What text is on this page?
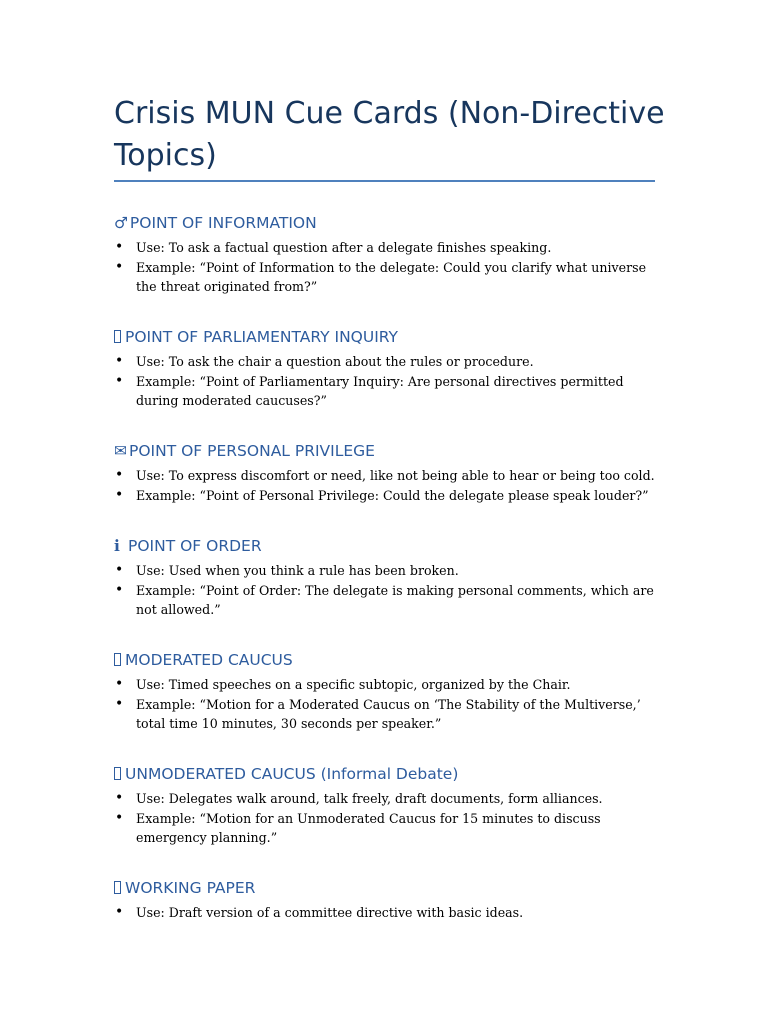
Crisis MUN Cue Cards (Non-Directive Topics)
♂ POINT OF INFORMATION
• Use: To ask a factual question after a delegate finishes speaking.
• Example: “Point of Information to the delegate: Could you clarify what universe the threat originated from?”
POINT OF PARLIAMENTARY INQUIRY
• Use: To ask the chair a question about the rules or procedure.
• Example: “Point of Parliamentary Inquiry: Are personal directives permitted during moderated caucuses?”
✉ POINT OF PERSONAL PRIVILEGE
• Use: To express discomfort or need, like not being able to hear or being too cold.
• Example: “Point of Personal Privilege: Could the delegate please speak louder?”
ℹ POINT OF ORDER
• Use: Used when you think a rule has been broken.
• Example: “Point of Order: The delegate is making personal comments, which are not allowed.”
MODERATED CAUCUS
• Use: Timed speeches on a specific subtopic, organized by the Chair.
• Example: “Motion for a Moderated Caucus on ‘The Stability of the Multiverse,’ total time 10 minutes, 30 seconds per speaker.”
UNMODERATED CAUCUS (Informal Debate)
• Use: Delegates walk around, talk freely, draft documents, form alliances.
• Example: “Motion for an Unmoderated Caucus for 15 minutes to discuss emergency planning.”
WORKING PAPER
• Use: Draft version of a committee directive with basic ideas.
